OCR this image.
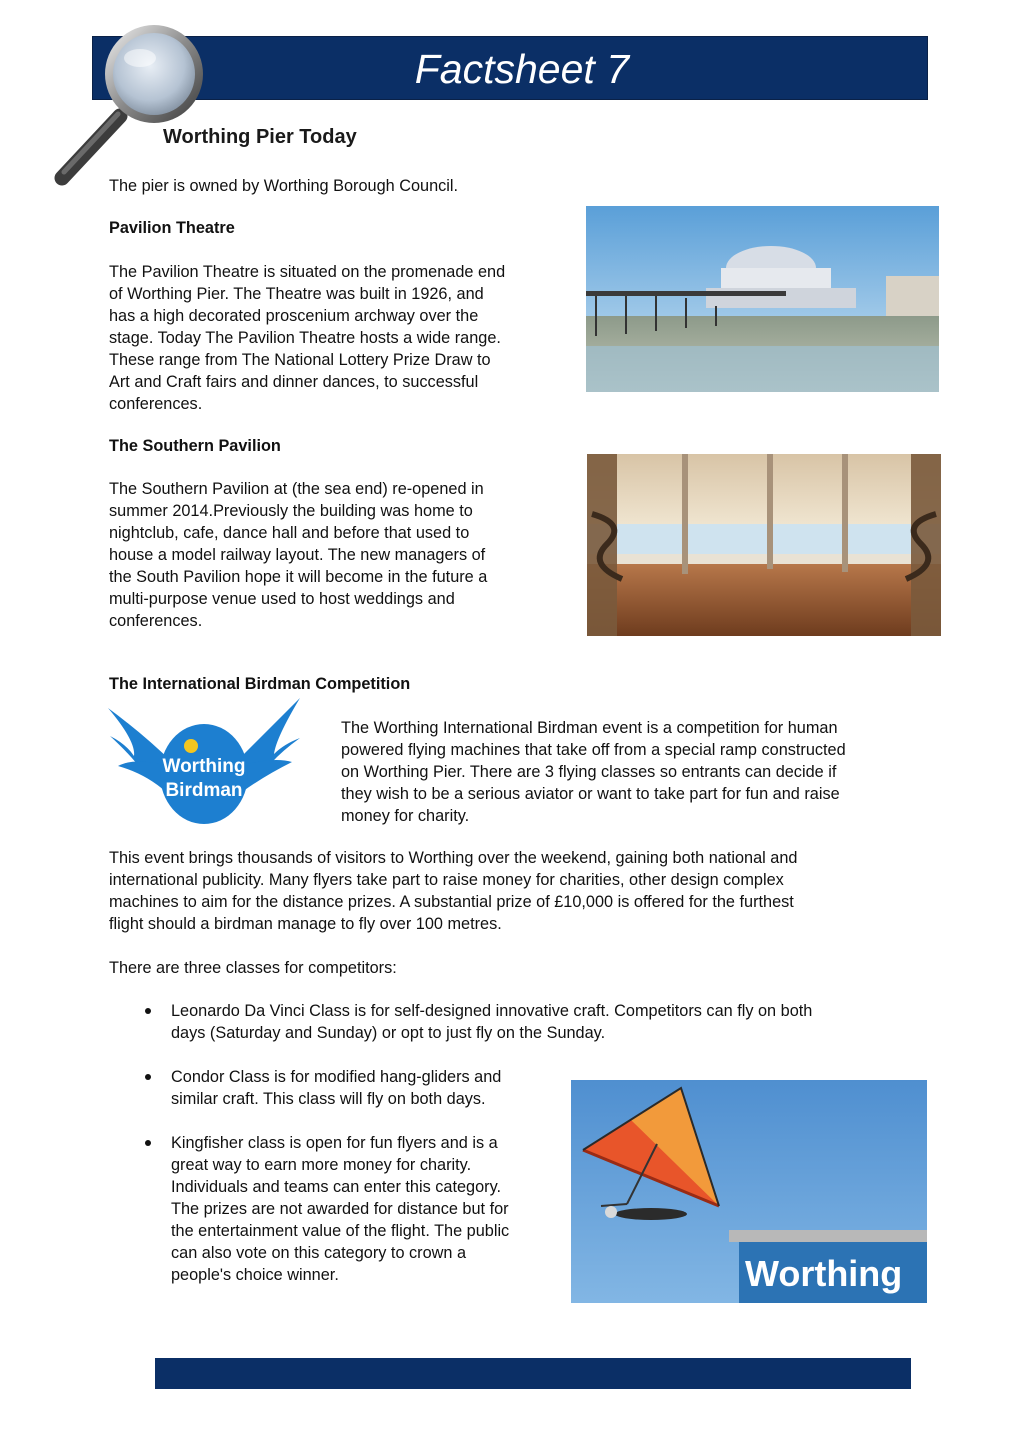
Factsheet 7
Worthing Pier Today

The pier is owned by Worthing Borough Council.

Pavilion Theatre

The Pavilion Theatre is situated on the promenade end
of Worthing Pier. The Theatre was built in 1926, and
has a high decorated proscenium archway over the
stage. Today The Pavilion Theatre hosts a wide range.
These range from The National Lottery Prize Draw to
Art and Craft fairs and dinner dances, to successful
conferences.

The Southern Pavilion

The Southern Pavilion at (the sea end) re-opened in
summer 2014.Previously the building was home to
nightclub, cafe, dance hall and before that used to
house a model railway layout. The new managers of
the South Pavilion hope it will become in the future a
multi-purpose venue used to host weddings and
conferences.

The International Birdman Competition

Worthing
Birdman
The Worthing International Birdman event is a competition for human
powered flying machines that take off from a special ramp constructed
on Worthing Pier. There are 3 flying classes so entrants can decide if
they wish to be a serious aviator or want to take part for fun and raise
money for charity.
This event brings thousands of visitors to Worthing over the weekend, gaining both national and
international publicity. Many flyers take part to raise money for charities, other design complex
machines to aim for the distance prizes. A substantial prize of £10,000 is offered for the furthest
flight should a birdman manage to fly over 100 metres.

There are three classes for competitors:

Leonardo Da Vinci Class is for self-designed innovative craft. Competitors can fly on both
days (Saturday and Sunday) or opt to just fly on the Sunday.
Condor Class is for modified hang-gliders and
similar craft. This class will fly on both days.
Kingfisher class is open for fun flyers and is a
great way to earn more money for charity.
Individuals and teams can enter this category.
The prizes are not awarded for distance but for
the entertainment value of the flight. The public
can also vote on this category to crown a
people's choice winner.	Worthing
